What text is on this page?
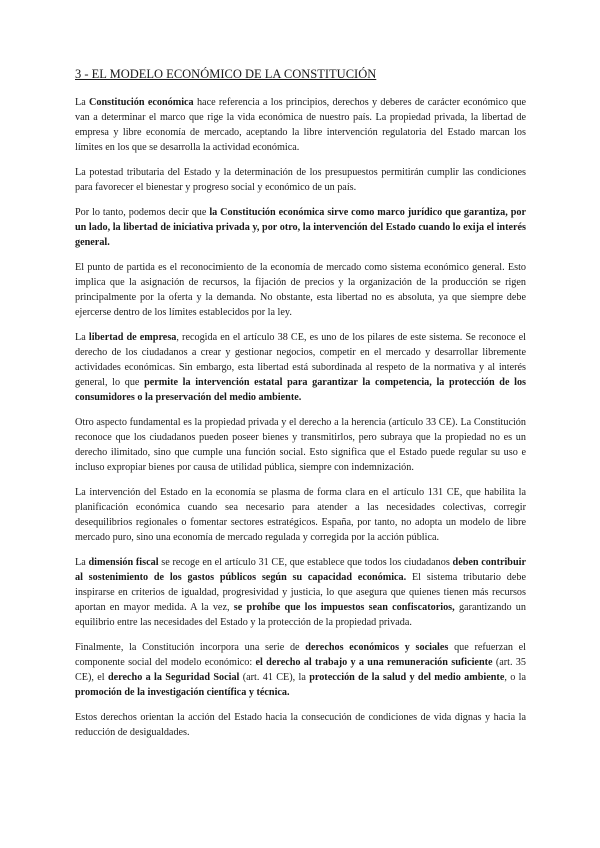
3 - EL MODELO ECONÓMICO DE LA CONSTITUCIÓN

La Constitución económica hace referencia a los principios, derechos y deberes de carácter económico que van a determinar el marco que rige la vida económica de nuestro país. La propiedad privada, la libertad de empresa y libre economía de mercado, aceptando la libre intervención regulatoria del Estado marcan los límites en los que se desarrolla la actividad económica.

La potestad tributaria del Estado y la determinación de los presupuestos permitirán cumplir las condiciones para favorecer el bienestar y progreso social y económico de un país.

Por lo tanto, podemos decir que la Constitución económica sirve como marco jurídico que garantiza, por un lado, la libertad de iniciativa privada y, por otro, la intervención del Estado cuando lo exija el interés general.

El punto de partida es el reconocimiento de la economía de mercado como sistema económico general. Esto implica que la asignación de recursos, la fijación de precios y la organización de la producción se rigen principalmente por la oferta y la demanda. No obstante, esta libertad no es absoluta, ya que siempre debe ejercerse dentro de los límites establecidos por la ley.

La libertad de empresa, recogida en el artículo 38 CE, es uno de los pilares de este sistema. Se reconoce el derecho de los ciudadanos a crear y gestionar negocios, competir en el mercado y desarrollar libremente actividades económicas. Sin embargo, esta libertad está subordinada al respeto de la normativa y al interés general, lo que permite la intervención estatal para garantizar la competencia, la protección de los consumidores o la preservación del medio ambiente.

Otro aspecto fundamental es la propiedad privada y el derecho a la herencia (artículo 33 CE). La Constitución reconoce que los ciudadanos pueden poseer bienes y transmitirlos, pero subraya que la propiedad no es un derecho ilimitado, sino que cumple una función social. Esto significa que el Estado puede regular su uso e incluso expropiar bienes por causa de utilidad pública, siempre con indemnización.

La intervención del Estado en la economía se plasma de forma clara en el artículo 131 CE, que habilita la planificación económica cuando sea necesario para atender a las necesidades colectivas, corregir desequilibrios regionales o fomentar sectores estratégicos. España, por tanto, no adopta un modelo de libre mercado puro, sino una economía de mercado regulada y corregida por la acción pública.

La dimensión fiscal se recoge en el artículo 31 CE, que establece que todos los ciudadanos deben contribuir al sostenimiento de los gastos públicos según su capacidad económica. El sistema tributario debe inspirarse en criterios de igualdad, progresividad y justicia, lo que asegura que quienes tienen más recursos aportan en mayor medida. A la vez, se prohíbe que los impuestos sean confiscatorios, garantizando un equilibrio entre las necesidades del Estado y la protección de la propiedad privada.

Finalmente, la Constitución incorpora una serie de derechos económicos y sociales que refuerzan el componente social del modelo económico: el derecho al trabajo y a una remuneración suficiente (art. 35 CE), el derecho a la Seguridad Social (art. 41 CE), la protección de la salud y del medio ambiente, o la promoción de la investigación científica y técnica.

Estos derechos orientan la acción del Estado hacia la consecución de condiciones de vida dignas y hacia la reducción de desigualdades.
